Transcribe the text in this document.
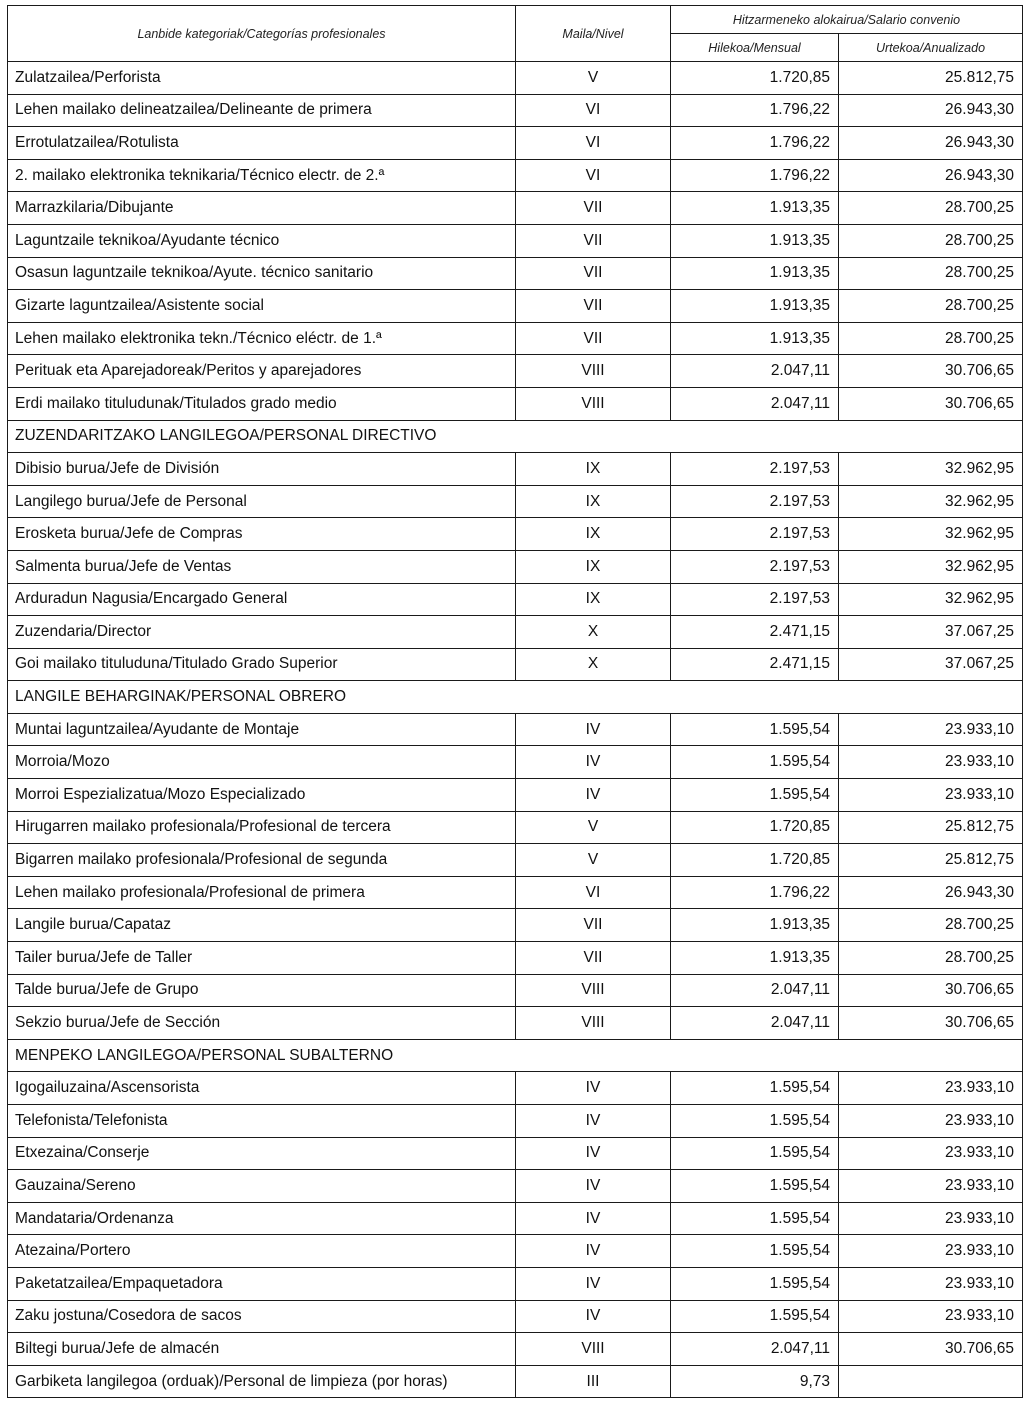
Lanbide kategoriak/Categorías profesionales	Maila/Nivel	Hitzarmeneko alokairua/Salario convenio	
		Hilekoa/Mensual	Urtekoa/Anualizado
Zulatzailea/Perforista	V	1.720,85	25.812,75
Lehen mailako delineatzailea/Delineante de primera	VI	1.796,22	26.943,30
Errotulatzailea/Rotulista	VI	1.796,22	26.943,30
2. mailako elektronika teknikaria/Técnico electr. de 2.ª	VI	1.796,22	26.943,30
Marrazkilaria/Dibujante	VII	1.913,35	28.700,25
Laguntzaile teknikoa/Ayudante técnico	VII	1.913,35	28.700,25
Osasun laguntzaile teknikoa/Ayute. técnico sanitario	VII	1.913,35	28.700,25
Gizarte laguntzailea/Asistente social	VII	1.913,35	28.700,25
Lehen mailako elektronika tekn./Técnico eléctr. de 1.ª	VII	1.913,35	28.700,25
Perituak eta Aparejadoreak/Peritos y aparejadores	VIII	2.047,11	30.706,65
Erdi mailako tituludunak/Titulados grado medio	VIII	2.047,11	30.706,65
ZUZENDARITZAKO LANGILEGOA/PERSONAL DIRECTIVO			
Dibisio burua/Jefe de División	IX	2.197,53	32.962,95
Langilego burua/Jefe de Personal	IX	2.197,53	32.962,95
Erosketa burua/Jefe de Compras	IX	2.197,53	32.962,95
Salmenta burua/Jefe de Ventas	IX	2.197,53	32.962,95
Arduradun Nagusia/Encargado General	IX	2.197,53	32.962,95
Zuzendaria/Director	X	2.471,15	37.067,25
Goi mailako tituluduna/Titulado Grado Superior	X	2.471,15	37.067,25
LANGILE BEHARGINAK/PERSONAL OBRERO			
Muntai laguntzailea/Ayudante de Montaje	IV	1.595,54	23.933,10
Morroia/Mozo	IV	1.595,54	23.933,10
Morroi Espezializatua/Mozo Especializado	IV	1.595,54	23.933,10
Hirugarren mailako profesionala/Profesional de tercera	V	1.720,85	25.812,75
Bigarren mailako profesionala/Profesional de segunda	V	1.720,85	25.812,75
Lehen mailako profesionala/Profesional de primera	VI	1.796,22	26.943,30
Langile burua/Capataz	VII	1.913,35	28.700,25
Tailer burua/Jefe de Taller	VII	1.913,35	28.700,25
Talde burua/Jefe de Grupo	VIII	2.047,11	30.706,65
Sekzio burua/Jefe de Sección	VIII	2.047,11	30.706,65
MENPEKO LANGILEGOA/PERSONAL SUBALTERNO			
Igogailuzaina/Ascensorista	IV	1.595,54	23.933,10
Telefonista/Telefonista	IV	1.595,54	23.933,10
Etxezaina/Conserje	IV	1.595,54	23.933,10
Gauzaina/Sereno	IV	1.595,54	23.933,10
Mandataria/Ordenanza	IV	1.595,54	23.933,10
Atezaina/Portero	IV	1.595,54	23.933,10
Paketatzailea/Empaquetadora	IV	1.595,54	23.933,10
Zaku jostuna/Cosedora de sacos	IV	1.595,54	23.933,10
Biltegi burua/Jefe de almacén	VIII	2.047,11	30.706,65
Garbiketa langilegoa (orduak)/Personal de limpieza (por horas)	III	9,73	
